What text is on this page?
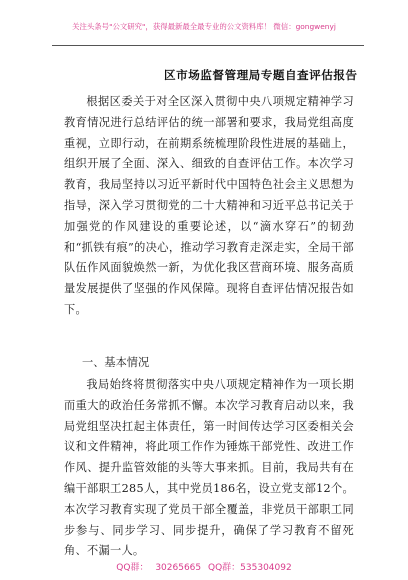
关注头条号"公文研究"，获得最新最全最专业的公文资料库！ 微信：gongwenyj
区市场监督管理局专题自查评估报告
根据区委关于对全区深入贯彻中央八项规定精神学习教育情况进行总结评估的统一部署和要求，我局党组高度重视，立即行动，在前期系统梳理阶段性进展的基础上，组织开展了全面、深入、细致的自查评估工作。本次学习教育，我局坚持以习近平新时代中国特色社会主义思想为指导，深入学习贯彻党的二十大精神和习近平总书记关于加强党的作风建设的重要论述，以“滴水穿石”的韧劲和“抓铁有痕”的决心，推动学习教育走深走实，全局干部队伍作风面貌焕然一新，为优化我区营商环境、服务高质量发展提供了坚强的作风保障。现将自查评估情况报告如下。
一、基本情况
我局始终将贯彻落实中央八项规定精神作为一项长期而重大的政治任务常抓不懈。本次学习教育启动以来，我局党组坚决扛起主体责任，第一时间传达学习区委相关会议和文件精神，将此项工作作为锤炼干部党性、改进工作作风、提升监管效能的头等大事来抓。目前，我局共有在编干部职工285人，其中党员186名，设立党支部12个。本次学习教育实现了党员干部全覆盖，非党员干部职工同步参与、同步学习、同步提升，确保了学习教育不留死角、不漏一人。
QQ群： 30265665 QQ群：535304092
